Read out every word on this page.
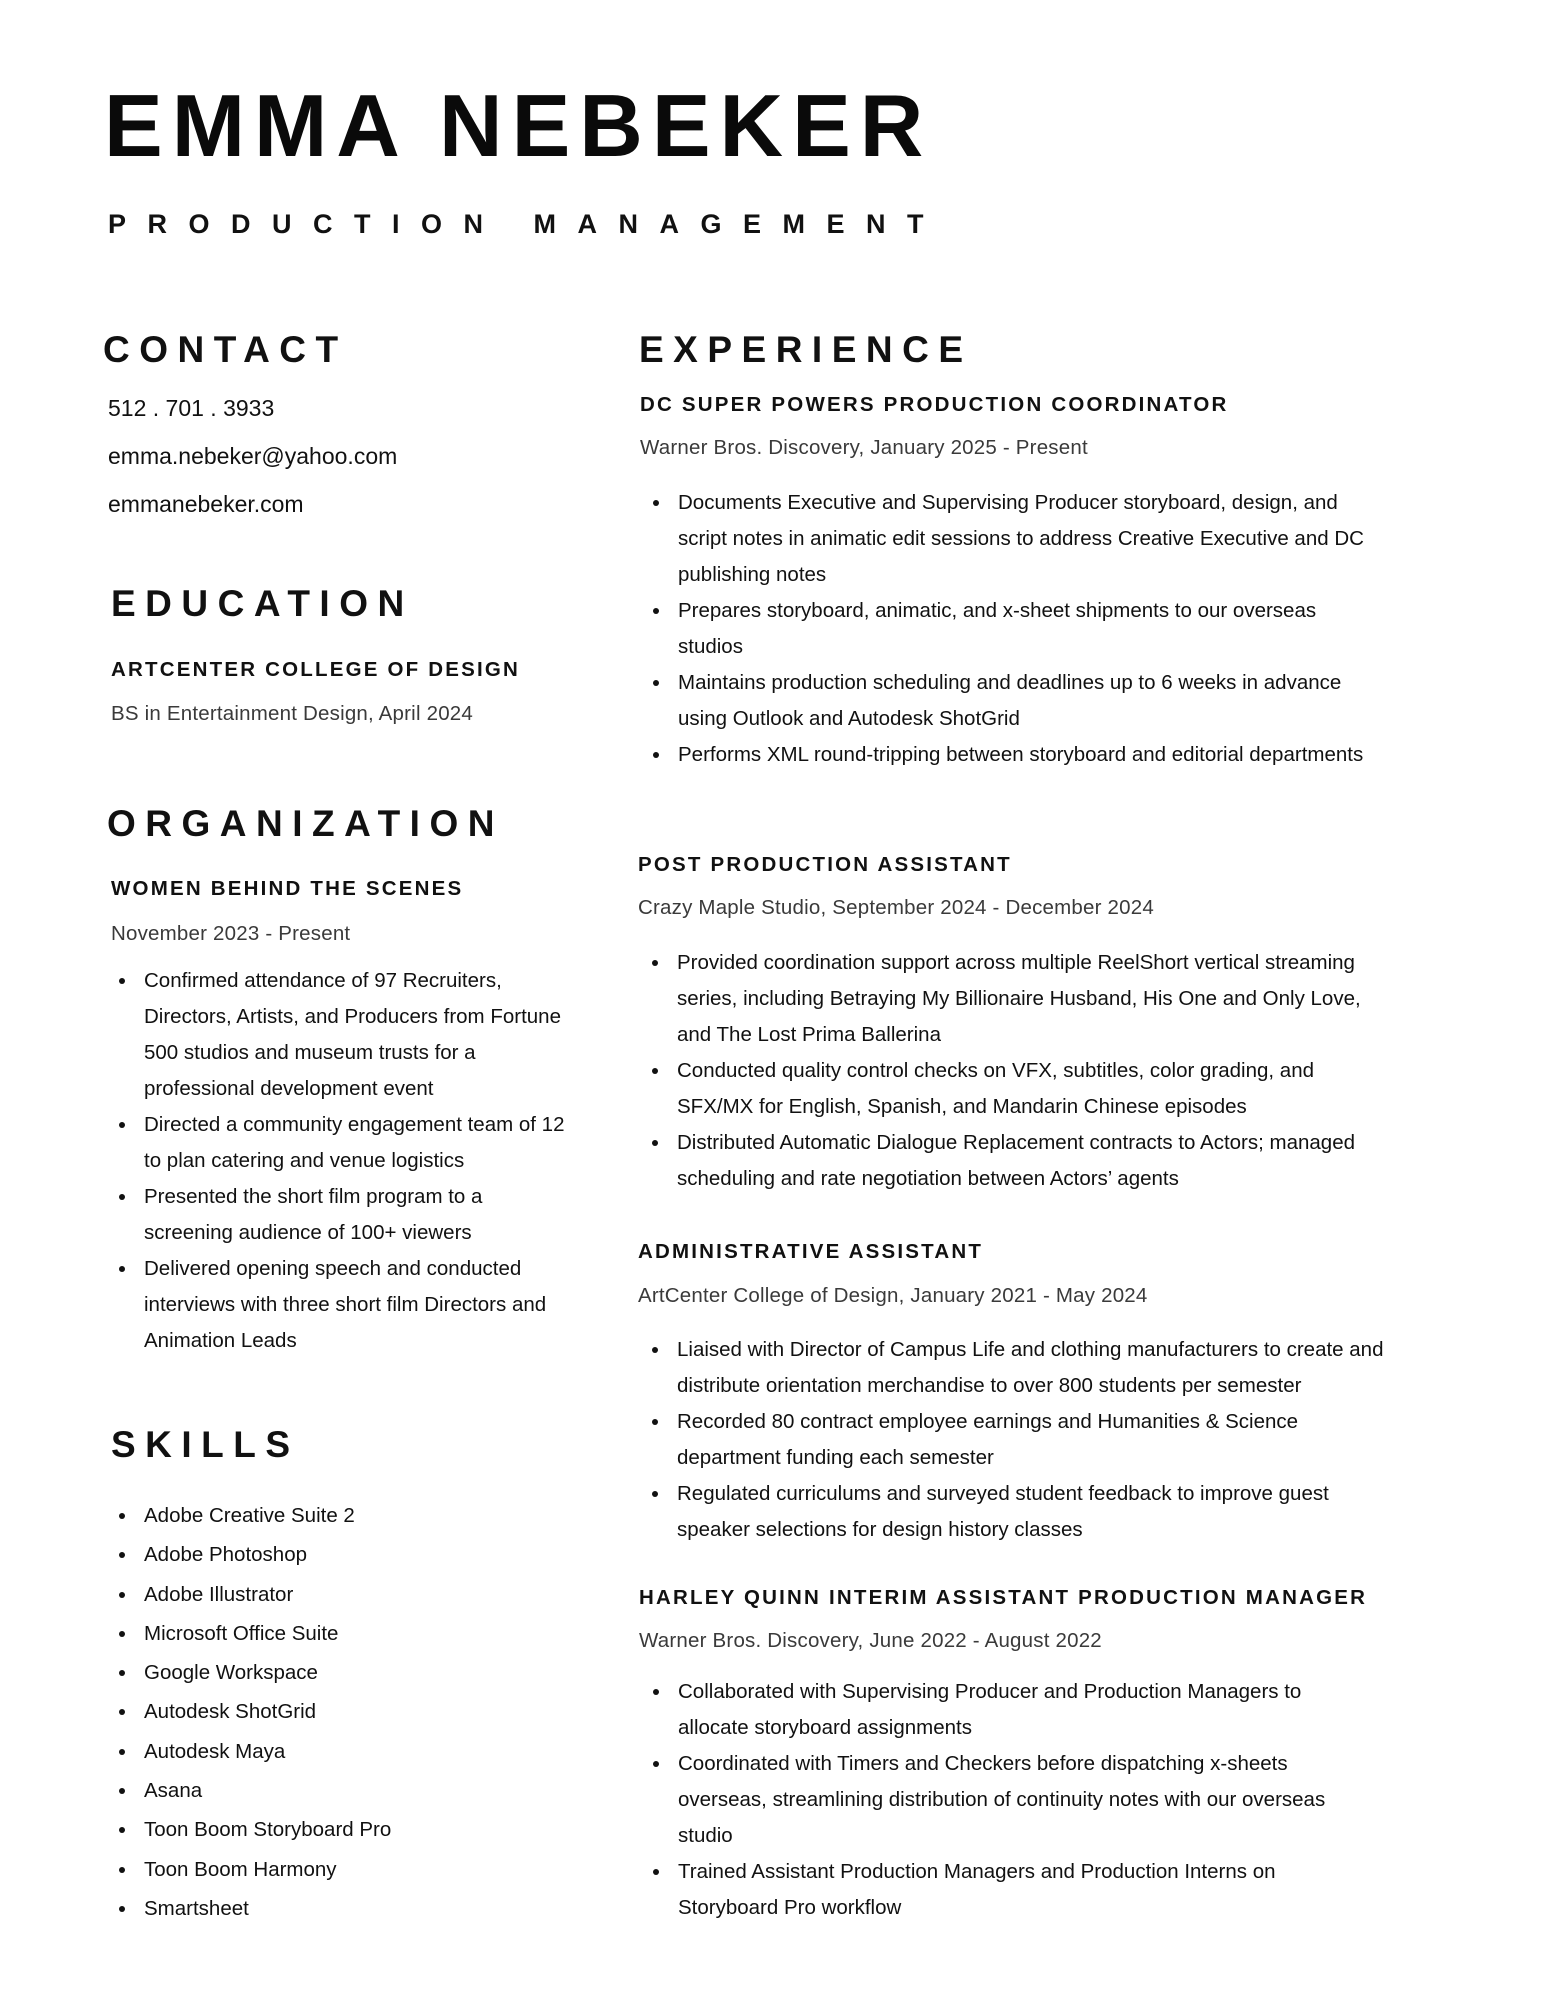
EMMA NEBEKER
PRODUCTION MANAGEMENT
CONTACT
512 . 701 . 3933
emma.nebeker@yahoo.com
emmanebeker.com
EDUCATION
ARTCENTER COLLEGE OF DESIGN
BS in Entertainment Design, April 2024
ORGANIZATION
WOMEN BEHIND THE SCENES
November 2023 - Present
• Confirmed attendance of 97 Recruiters, Directors, Artists, and Producers from Fortune 500 studios and museum trusts for a professional development event
• Directed a community engagement team of 12 to plan catering and venue logistics
• Presented the short film program to a screening audience of 100+ viewers
• Delivered opening speech and conducted interviews with three short film Directors and Animation Leads
SKILLS
• Adobe Creative Suite 2
• Adobe Photoshop
• Adobe Illustrator
• Microsoft Office Suite
• Google Workspace
• Autodesk ShotGrid
• Autodesk Maya
• Asana
• Toon Boom Storyboard Pro
• Toon Boom Harmony
• Smartsheet
EXPERIENCE
DC SUPER POWERS PRODUCTION COORDINATOR
Warner Bros. Discovery, January 2025 - Present
• Documents Executive and Supervising Producer storyboard, design, and script notes in animatic edit sessions to address Creative Executive and DC publishing notes
• Prepares storyboard, animatic, and x-sheet shipments to our overseas studios
• Maintains production scheduling and deadlines up to 6 weeks in advance using Outlook and Autodesk ShotGrid
• Performs XML round-tripping between storyboard and editorial departments
POST PRODUCTION ASSISTANT
Crazy Maple Studio, September 2024 - December 2024
• Provided coordination support across multiple ReelShort vertical streaming series, including Betraying My Billionaire Husband, His One and Only Love, and The Lost Prima Ballerina
• Conducted quality control checks on VFX, subtitles, color grading, and SFX/MX for English, Spanish, and Mandarin Chinese episodes
• Distributed Automatic Dialogue Replacement contracts to Actors; managed scheduling and rate negotiation between Actors’ agents
ADMINISTRATIVE ASSISTANT
ArtCenter College of Design, January 2021 - May 2024
• Liaised with Director of Campus Life and clothing manufacturers to create and distribute orientation merchandise to over 800 students per semester
• Recorded 80 contract employee earnings and Humanities & Science department funding each semester
• Regulated curriculums and surveyed student feedback to improve guest speaker selections for design history classes
HARLEY QUINN INTERIM ASSISTANT PRODUCTION MANAGER
Warner Bros. Discovery, June 2022 - August 2022
• Collaborated with Supervising Producer and Production Managers to allocate storyboard assignments
• Coordinated with Timers and Checkers before dispatching x-sheets overseas, streamlining distribution of continuity notes with our overseas studio
• Trained Assistant Production Managers and Production Interns on Storyboard Pro workflow
